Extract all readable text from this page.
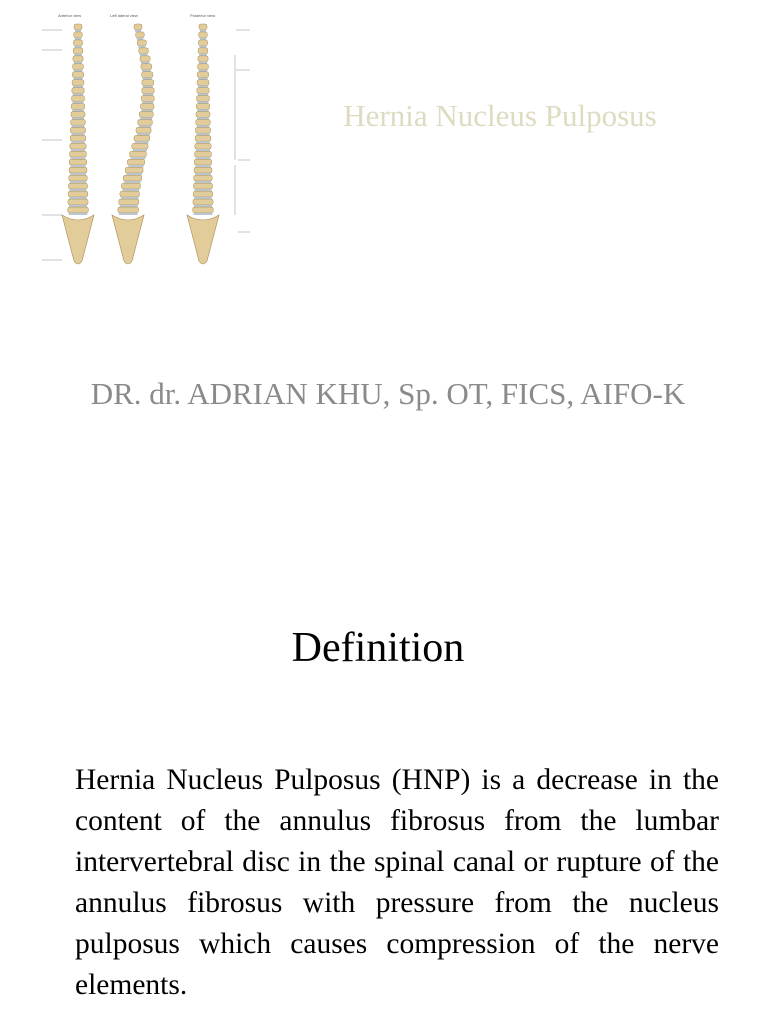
Anterior view	Left lateral view	Posterior view
Hernia Nucleus Pulposus
DR. dr. ADRIAN KHU, Sp. OT, FICS, AIFO-K
Definition
Hernia Nucleus Pulposus (HNP) is a decrease in the content of the annulus fibrosus from the lumbar intervertebral disc in the spinal canal or rupture of the annulus fibrosus with pressure from the nucleus pulposus which causes compression of the nerve elements.
